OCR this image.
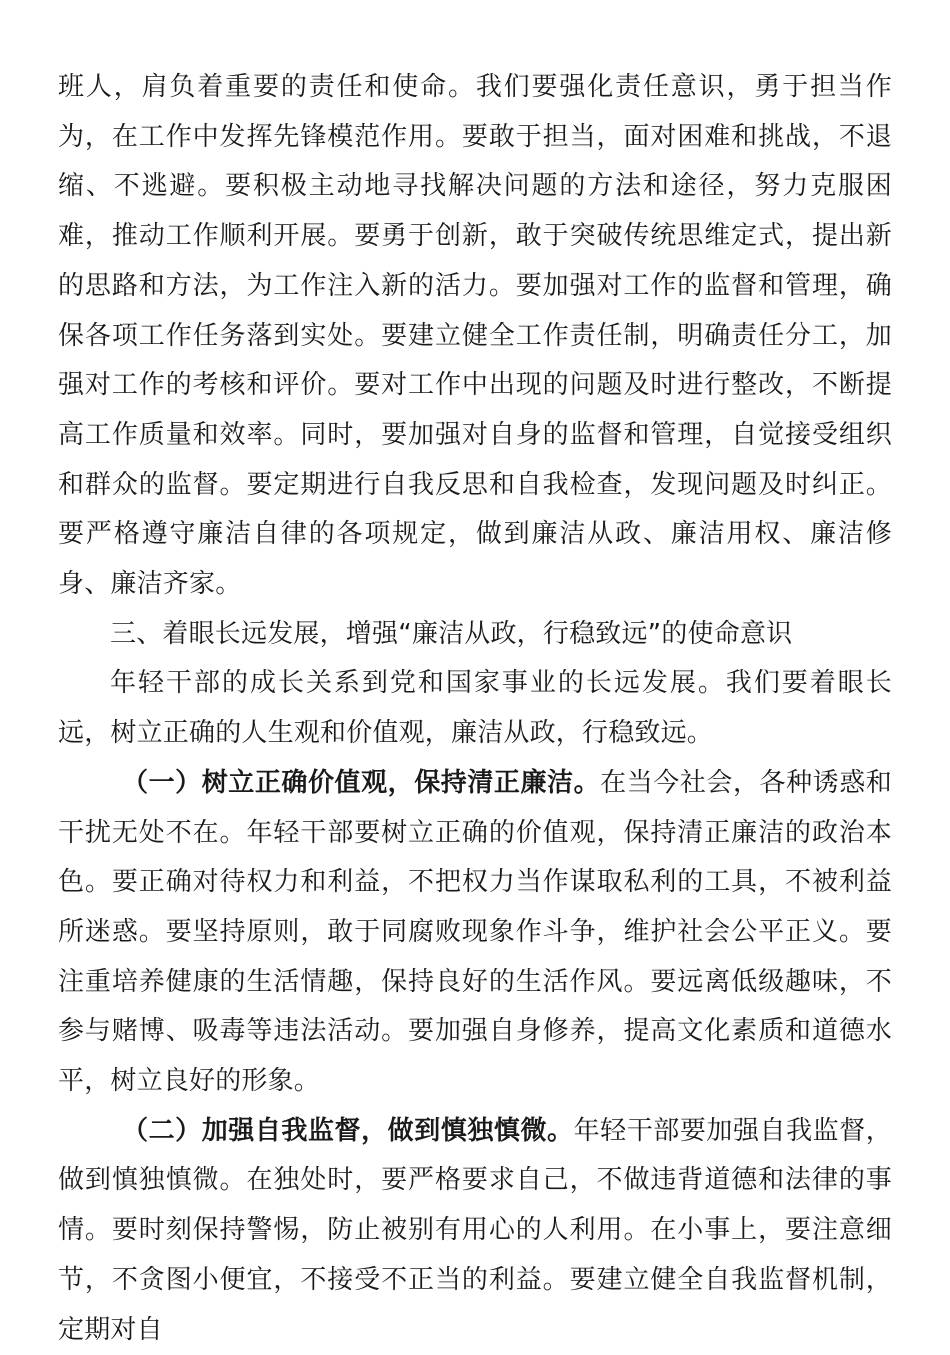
班人，肩负着重要的责任和使命。我们要强化责任意识，勇于担当作为，在工作中发挥先锋模范作用。要敢于担当，面对困难和挑战，不退缩、不逃避。要积极主动地寻找解决问题的方法和途径，努力克服困难，推动工作顺利开展。要勇于创新，敢于突破传统思维定式，提出新的思路和方法，为工作注入新的活力。要加强对工作的监督和管理，确保各项工作任务落到实处。要建立健全工作责任制，明确责任分工，加强对工作的考核和评价。要对工作中出现的问题及时进行整改，不断提高工作质量和效率。同时，要加强对自身的监督和管理，自觉接受组织和群众的监督。要定期进行自我反思和自我检查，发现问题及时纠正。要严格遵守廉洁自律的各项规定，做到廉洁从政、廉洁用权、廉洁修身、廉洁齐家。

三、着眼长远发展，增强“廉洁从政，行稳致远”的使命意识

年轻干部的成长关系到党和国家事业的长远发展。我们要着眼长远，树立正确的人生观和价值观，廉洁从政，行稳致远。

（一）树立正确价值观，保持清正廉洁。在当今社会，各种诱惑和干扰无处不在。年轻干部要树立正确的价值观，保持清正廉洁的政治本色。要正确对待权力和利益，不把权力当作谋取私利的工具，不被利益所迷惑。要坚持原则，敢于同腐败现象作斗争，维护社会公平正义。要注重培养健康的生活情趣，保持良好的生活作风。要远离低级趣味，不参与赌博、吸毒等违法活动。要加强自身修养，提高文化素质和道德水平，树立良好的形象。

（二）加强自我监督，做到慎独慎微。年轻干部要加强自我监督，做到慎独慎微。在独处时，要严格要求自己，不做违背道德和法律的事情。要时刻保持警惕，防止被别有用心的人利用。在小事上，要注意细节，不贪图小便宜，不接受不正当的利益。要建立健全自我监督机制，定期对自
